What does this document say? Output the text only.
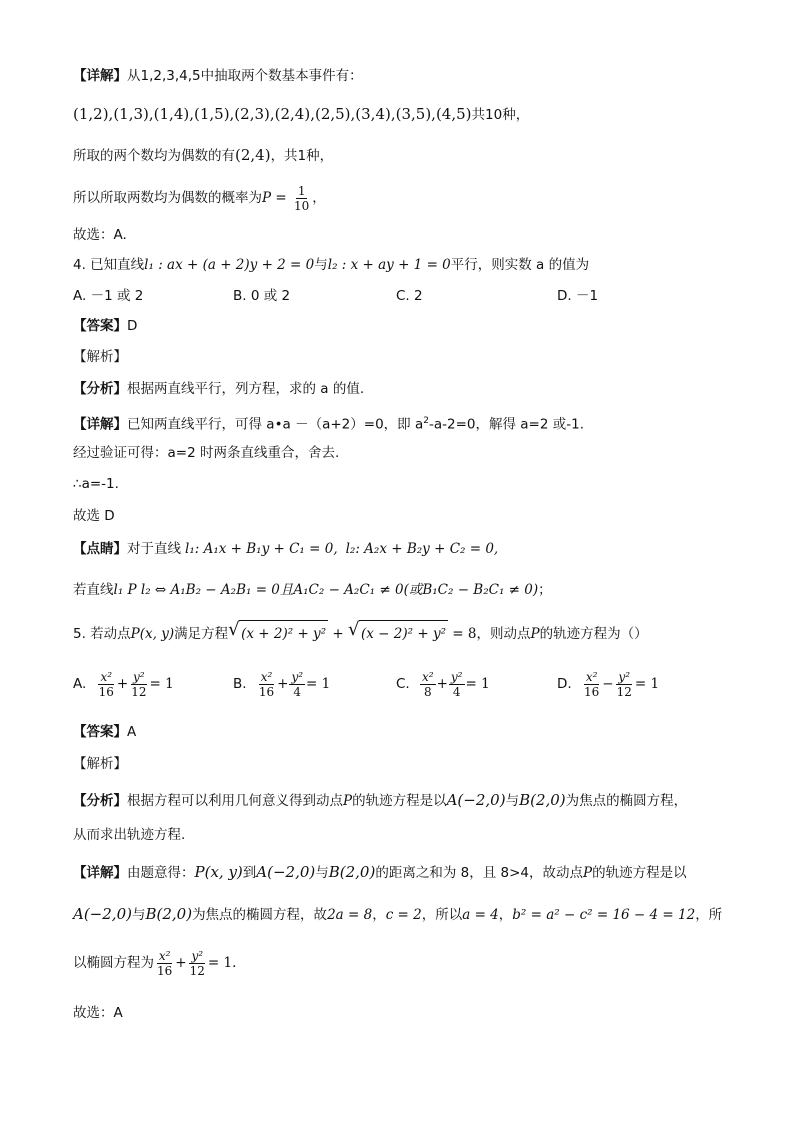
【详解】从1,2,3,4,5中抽取两个数基本事件有：
(1,2),(1,3),(1,4),(1,5),(2,3),(2,4),(2,5),(3,4),(3,5),(4,5)共10种，
所取的两个数均为偶数的有(2,4)，共1种，
所以所取两数均为偶数的概率为$P = \frac{1}{10}$ ，
故选：A.
4. 已知直线l₁ : ax + (a + 2)y + 2 = 0与l₂ : x + ay + 1 = 0平行，则实数 a 的值为
A. －1 或 2	B. 0 或 2	C. 2	D. －1
【答案】D
【解析】
【分析】根据两直线平行，列方程，求的 a 的值.
【详解】已知两直线平行，可得 a•a －（a+2）=0，即 $a^2-a-2=0$，解得 a=2 或-1.
经过验证可得：a=2 时两条直线重合，舍去.
∴a=-1.
故选 D
【点睛】对于直线 l₁: A₁x + B₁y + C₁ = 0, l₂: A₂x + B₂y + C₂ = 0,
若直线l₁ P l₂ ⇔ A₁B₂ − A₂B₁ = 0且A₁C₂ − A₂C₁ ≠ 0(或B₁C₂ − B₂C₁ ≠ 0)；
5. 若动点P(x, y)满足方程√ (x + 2)² + y² + √ (x − 2)² + y² = 8，则动点P的轨迹方程为（）
A. $\frac{\text{x²}}{16} + \frac{\text{y²}}{12} = 1$	B. $\frac{\text{x²}}{16} + \frac{\text{y²}}{4} = 1$	C. $\frac{\text{x²}}{8} + \frac{\text{y²}}{4} = 1$	D. $\frac{\text{x²}}{16} - \frac{\text{y²}}{12} = 1$
【答案】A
【解析】
【分析】根据方程可以利用几何意义得到动点P的轨迹方程是以A(−2,0)与B(2,0)为焦点的椭圆方程，
从而求出轨迹方程.
【详解】由题意得：P(x, y)到A(−2,0)与B(2,0)的距离之和为 8，且 8>4，故动点P的轨迹方程是以
A(−2,0)与B(2,0)为焦点的椭圆方程，故2a = 8，c = 2，所以a = 4，b² = a² − c² = 16 − 4 = 12，所
以椭圆方程为 $\frac{\text{x²}}{16} + \frac{\text{y²}}{12} = 1$.
故选：A
